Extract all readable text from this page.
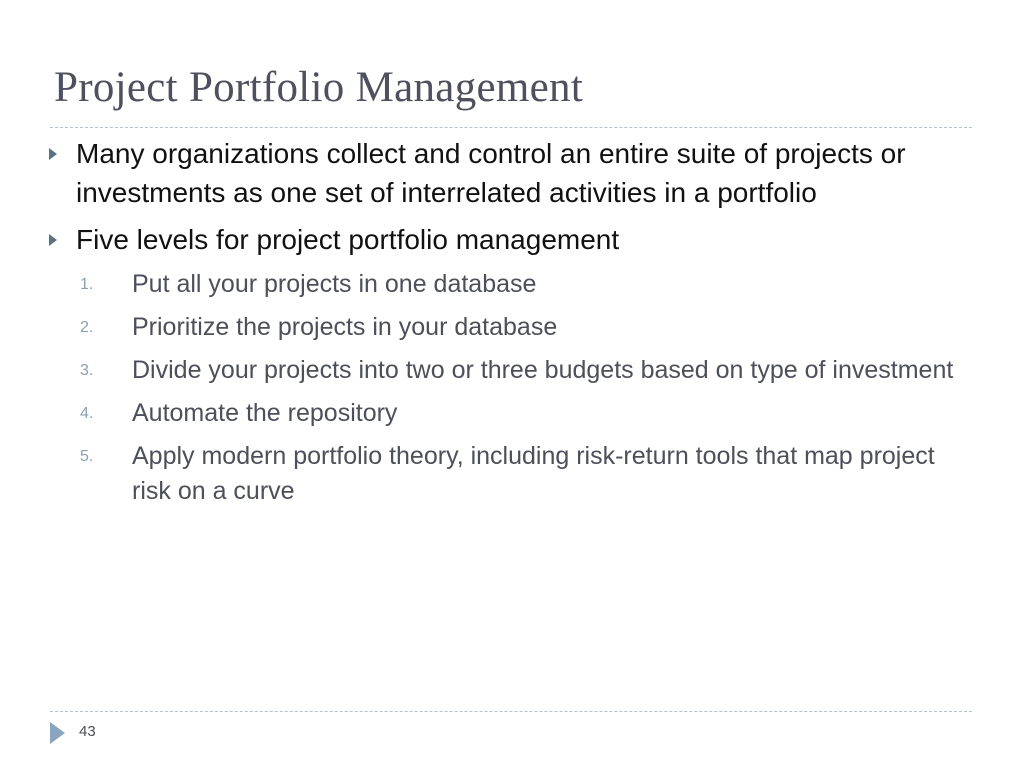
Project Portfolio Management
Many organizations collect and control an entire suite of projects or investments as one set of interrelated activities in a portfolio
Five levels for project portfolio management
1. Put all your projects in one database
2. Prioritize the projects in your database
3. Divide your projects into two or three budgets based on type of investment
4. Automate the repository
5. Apply modern portfolio theory, including risk-return tools that map project risk on a curve
43
